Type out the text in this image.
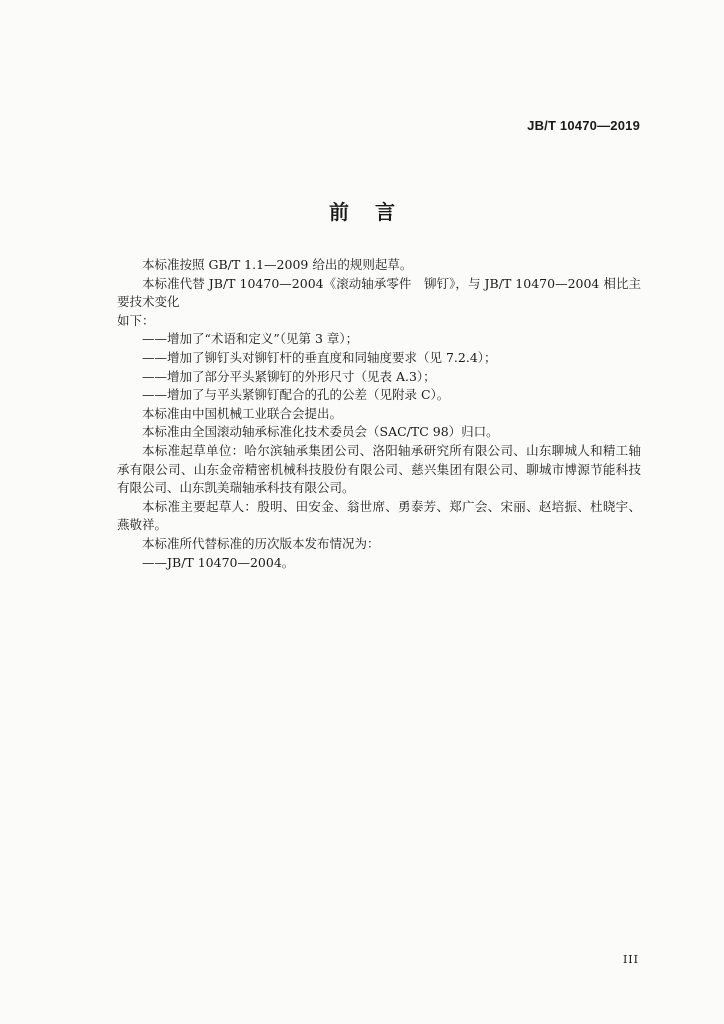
JB/T 10470—2019
前言

本标准按照 GB/T 1.1—2009 给出的规则起草。

本标准代替 JB/T 10470—2004《滚动轴承零件　铆钉》，与 JB/T 10470—2004 相比主要技术变化

如下：

——增加了“术语和定义”（见第 3 章）；

——增加了铆钉头对铆钉杆的垂直度和同轴度要求（见 7.2.4）；

——增加了部分平头紧铆钉的外形尺寸（见表 A.3）；

——增加了与平头紧铆钉配合的孔的公差（见附录 C）。

本标准由中国机械工业联合会提出。

本标准由全国滚动轴承标准化技术委员会（SAC/TC 98）归口。

本标准起草单位：哈尔滨轴承集团公司、洛阳轴承研究所有限公司、山东聊城人和精工轴承有限公司、山东金帝精密机械科技股份有限公司、慈兴集团有限公司、聊城市博源节能科技有限公司、山东凯美瑞轴承科技有限公司。

本标准主要起草人：殷明、田安金、翁世席、勇泰芳、郑广会、宋丽、赵培振、杜晓宇、燕敬祥。

本标准所代替标准的历次版本发布情况为：

——JB/T 10470—2004。

III
